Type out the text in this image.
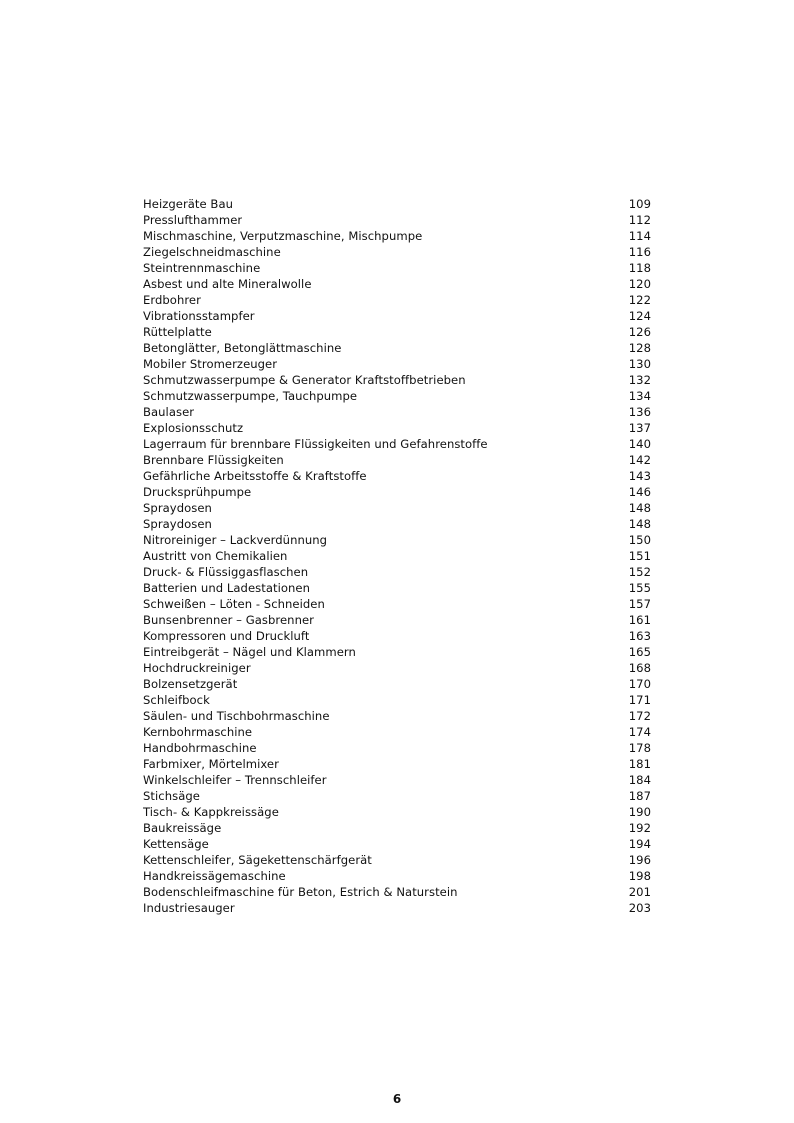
Heizgeräte Bau	109
Presslufthammer	112
Mischmaschine, Verputzmaschine, Mischpumpe	114
Ziegelschneidmaschine	116
Steintrennmaschine	118
Asbest und alte Mineralwolle	120
Erdbohrer	122
Vibrationsstampfer	124
Rüttelplatte	126
Betonglätter, Betonglättmaschine	128
Mobiler Stromerzeuger	130
Schmutzwasserpumpe & Generator Kraftstoffbetrieben	132
Schmutzwasserpumpe, Tauchpumpe	134
Baulaser	136
Explosionsschutz	137
Lagerraum für brennbare Flüssigkeiten und Gefahrenstoffe	140
Brennbare Flüssigkeiten	142
Gefährliche Arbeitsstoffe & Kraftstoffe	143
Drucksprühpumpe	146
Spraydosen	148
Spraydosen	148
Nitroreiniger – Lackverdünnung	150
Austritt von Chemikalien	151
Druck- & Flüssiggasflaschen	152
Batterien und Ladestationen	155
Schweißen – Löten - Schneiden	157
Bunsenbrenner – Gasbrenner	161
Kompressoren und Druckluft	163
Eintreibgerät – Nägel und Klammern	165
Hochdruckreiniger	168
Bolzensetzgerät	170
Schleifbock	171
Säulen- und Tischbohrmaschine	172
Kernbohrmaschine	174
Handbohrmaschine	178
Farbmixer, Mörtelmixer	181
Winkelschleifer – Trennschleifer	184
Stichsäge	187
Tisch- & Kappkreissäge	190
Baukreissäge	192
Kettensäge	194
Kettenschleifer, Sägekettenschärfgerät	196
Handkreissägemaschine	198
Bodenschleifmaschine für Beton, Estrich & Naturstein	201
Industriesauger	203
6
